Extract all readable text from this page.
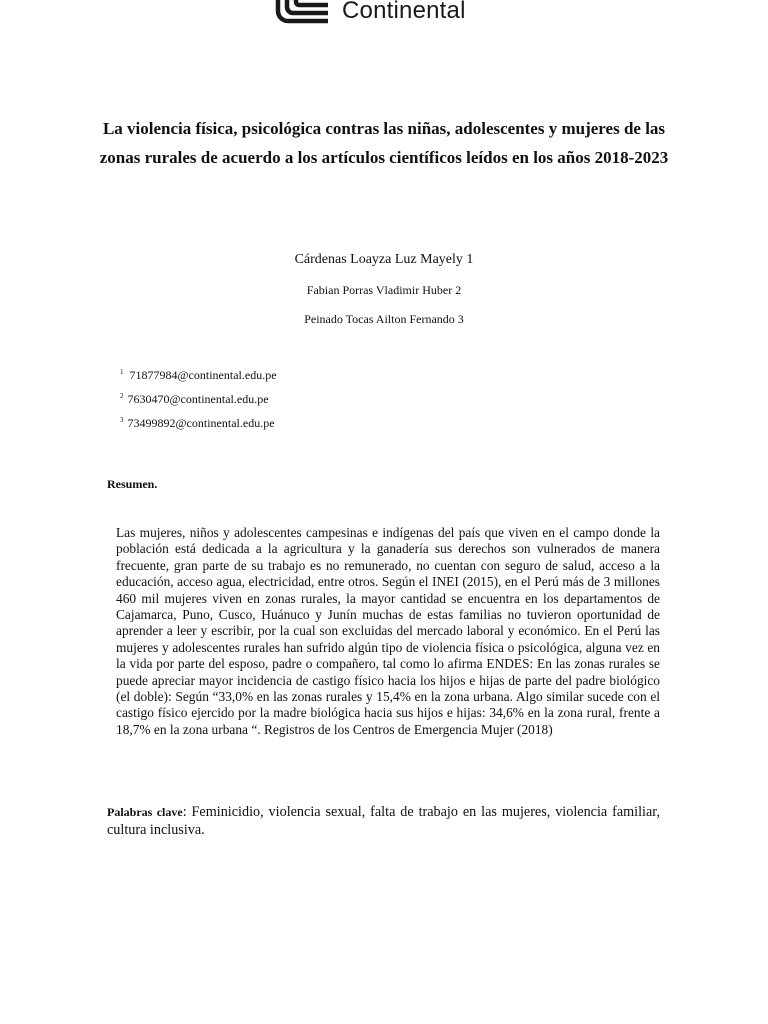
Continental
La violencia física, psicológica contras las niñas, adolescentes y mujeres de las zonas rurales de acuerdo a los artículos científicos leídos en los años 2018-2023
Cárdenas Loayza Luz Mayely 1
Fabian Porras Vladimir Huber 2
Peinado Tocas Ailton Fernando 3
$^1$ 71877984@continental.edu.pe
$^2$ 7630470@continental.edu.pe
$^3$ 73499892@continental.edu.pe
Resumen.
Las mujeres, niños y adolescentes campesinas e indígenas del país que viven en el campo donde la población está dedicada a la agricultura y la ganadería sus derechos son vulnerados de manera frecuente, gran parte de su trabajo es no remunerado, no cuentan con seguro de salud, acceso a la educación, acceso agua, electricidad, entre otros. Según el INEI (2015), en el Perú más de 3 millones 460 mil mujeres viven en zonas rurales, la mayor cantidad se encuentra en los departamentos de Cajamarca, Puno, Cusco, Huánuco y Junín muchas de estas familias no tuvieron oportunidad de aprender a leer y escribir, por la cual son excluidas del mercado laboral y económico. En el Perú las mujeres y adolescentes rurales han sufrido algún tipo de violencia física o psicológica, alguna vez en la vida por parte del esposo, padre o compañero, tal como lo afirma ENDES: En las zonas rurales se puede apreciar mayor incidencia de castigo físico hacia los hijos e hijas de parte del padre biológico (el doble): Según “33,0% en las zonas rurales y 15,4% en la zona urbana. Algo similar sucede con el castigo físico ejercido por la madre biológica hacia sus hijos e hijas: 34,6% en la zona rural, frente a 18,7% en la zona urbana “. Registros de los Centros de Emergencia Mujer (2018)
Palabras clave: Feminicidio, violencia sexual, falta de trabajo en las mujeres, violencia familiar, cultura inclusiva.
